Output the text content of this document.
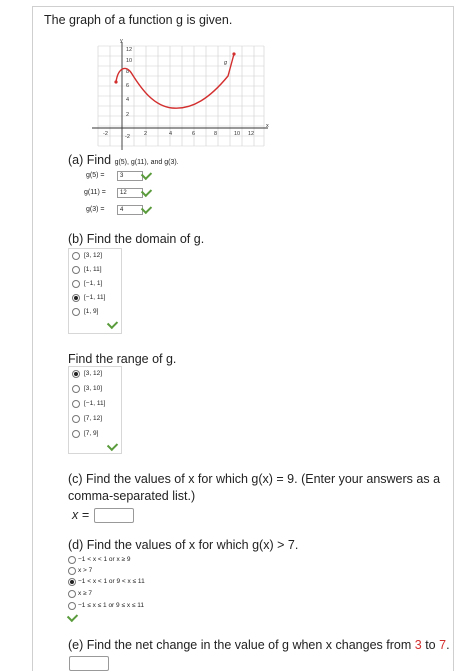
The graph of a function g is given.
12
10
8
6
4
2
-2
-2	2	4	6	8	10 12
y
x
g
(a) Find g(5), g(11), and g(3).
g(5) =	3
g(11) =	12
g(3) =	4
(b) Find the domain of g.
[3, 12]
[1, 11]
[−1, 1]
[−1, 11]
[1, 9]
Find the range of g.
[3, 12]
[3, 10]
[−1, 11]
[7, 12]
[7, 9]
(c) Find the values of x for which g(x) = 9. (Enter your answers as a
comma-separated list.)
x =
(d) Find the values of x for which g(x) > 7.
−1 < x < 1 or x ≥ 9
x > 7
−1 < x < 1 or 9 < x ≤ 11
x ≥ 7
−1 ≤ x ≤ 1 or 9 ≤ x ≤ 11
(e) Find the net change in the value of g when x changes from 3 to 7.
